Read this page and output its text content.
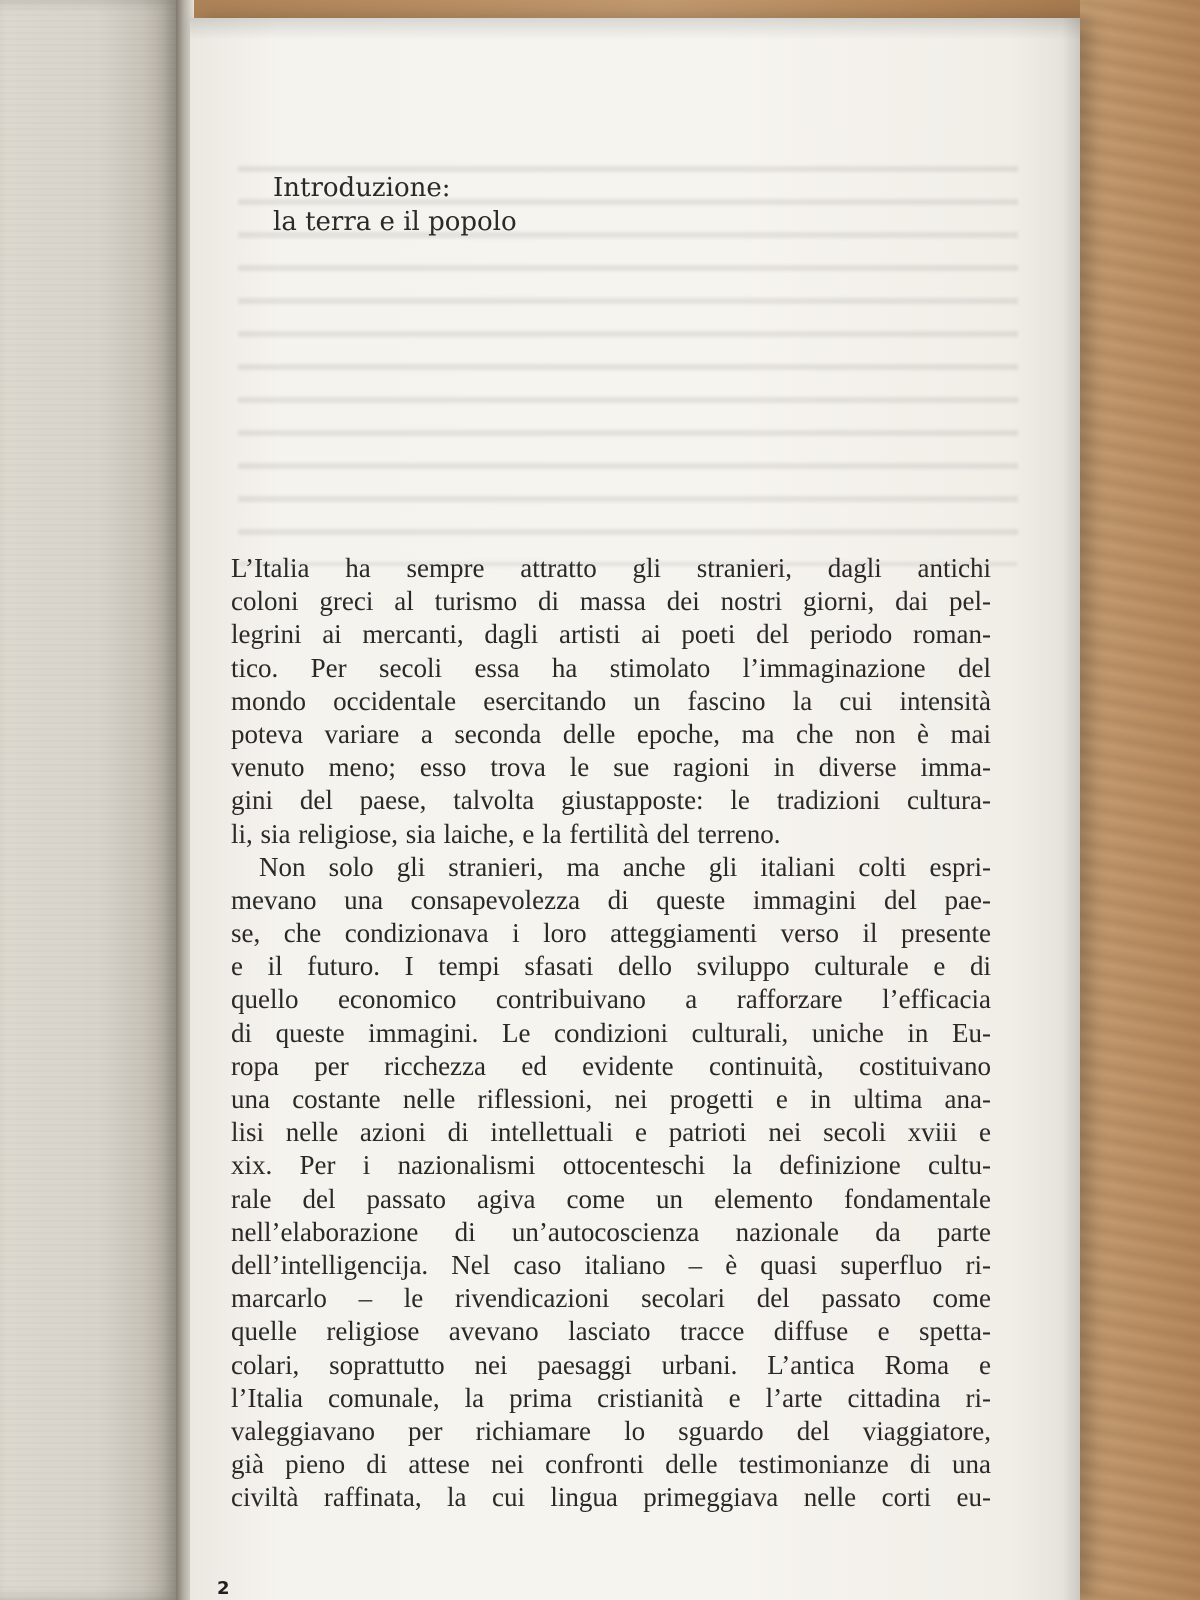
Introduzione:
la terra e il popolo
L’Italia ha sempre attratto gli stranieri, dagli antichi
coloni greci al turismo di massa dei nostri giorni, dai pel-
legrini ai mercanti, dagli artisti ai poeti del periodo roman-
tico. Per secoli essa ha stimolato l’immaginazione del
mondo occidentale esercitando un fascino la cui intensità
poteva variare a seconda delle epoche, ma che non è mai
venuto meno; esso trova le sue ragioni in diverse imma-
gini del paese, talvolta giustapposte: le tradizioni cultura-
li, sia religiose, sia laiche, e la fertilità del terreno.
Non solo gli stranieri, ma anche gli italiani colti espri-
mevano una consapevolezza di queste immagini del pae-
se, che condizionava i loro atteggiamenti verso il presente
e il futuro. I tempi sfasati dello sviluppo culturale e di
quello economico contribuivano a rafforzare l’efficacia
di queste immagini. Le condizioni culturali, uniche in Eu-
ropa per ricchezza ed evidente continuità, costituivano
una costante nelle riflessioni, nei progetti e in ultima ana-
lisi nelle azioni di intellettuali e patrioti nei secoli xviii e
xix. Per i nazionalismi ottocenteschi la definizione cultu-
rale del passato agiva come un elemento fondamentale
nell’elaborazione di un’autocoscienza nazionale da parte
dell’intelligencija. Nel caso italiano – è quasi superfluo ri-
marcarlo – le rivendicazioni secolari del passato come
quelle religiose avevano lasciato tracce diffuse e spetta-
colari, soprattutto nei paesaggi urbani. L’antica Roma e
l’Italia comunale, la prima cristianità e l’arte cittadina ri-
valeggiavano per richiamare lo sguardo del viaggiatore,
già pieno di attese nei confronti delle testimonianze di una
civiltà raffinata, la cui lingua primeggiava nelle corti eu-
2
